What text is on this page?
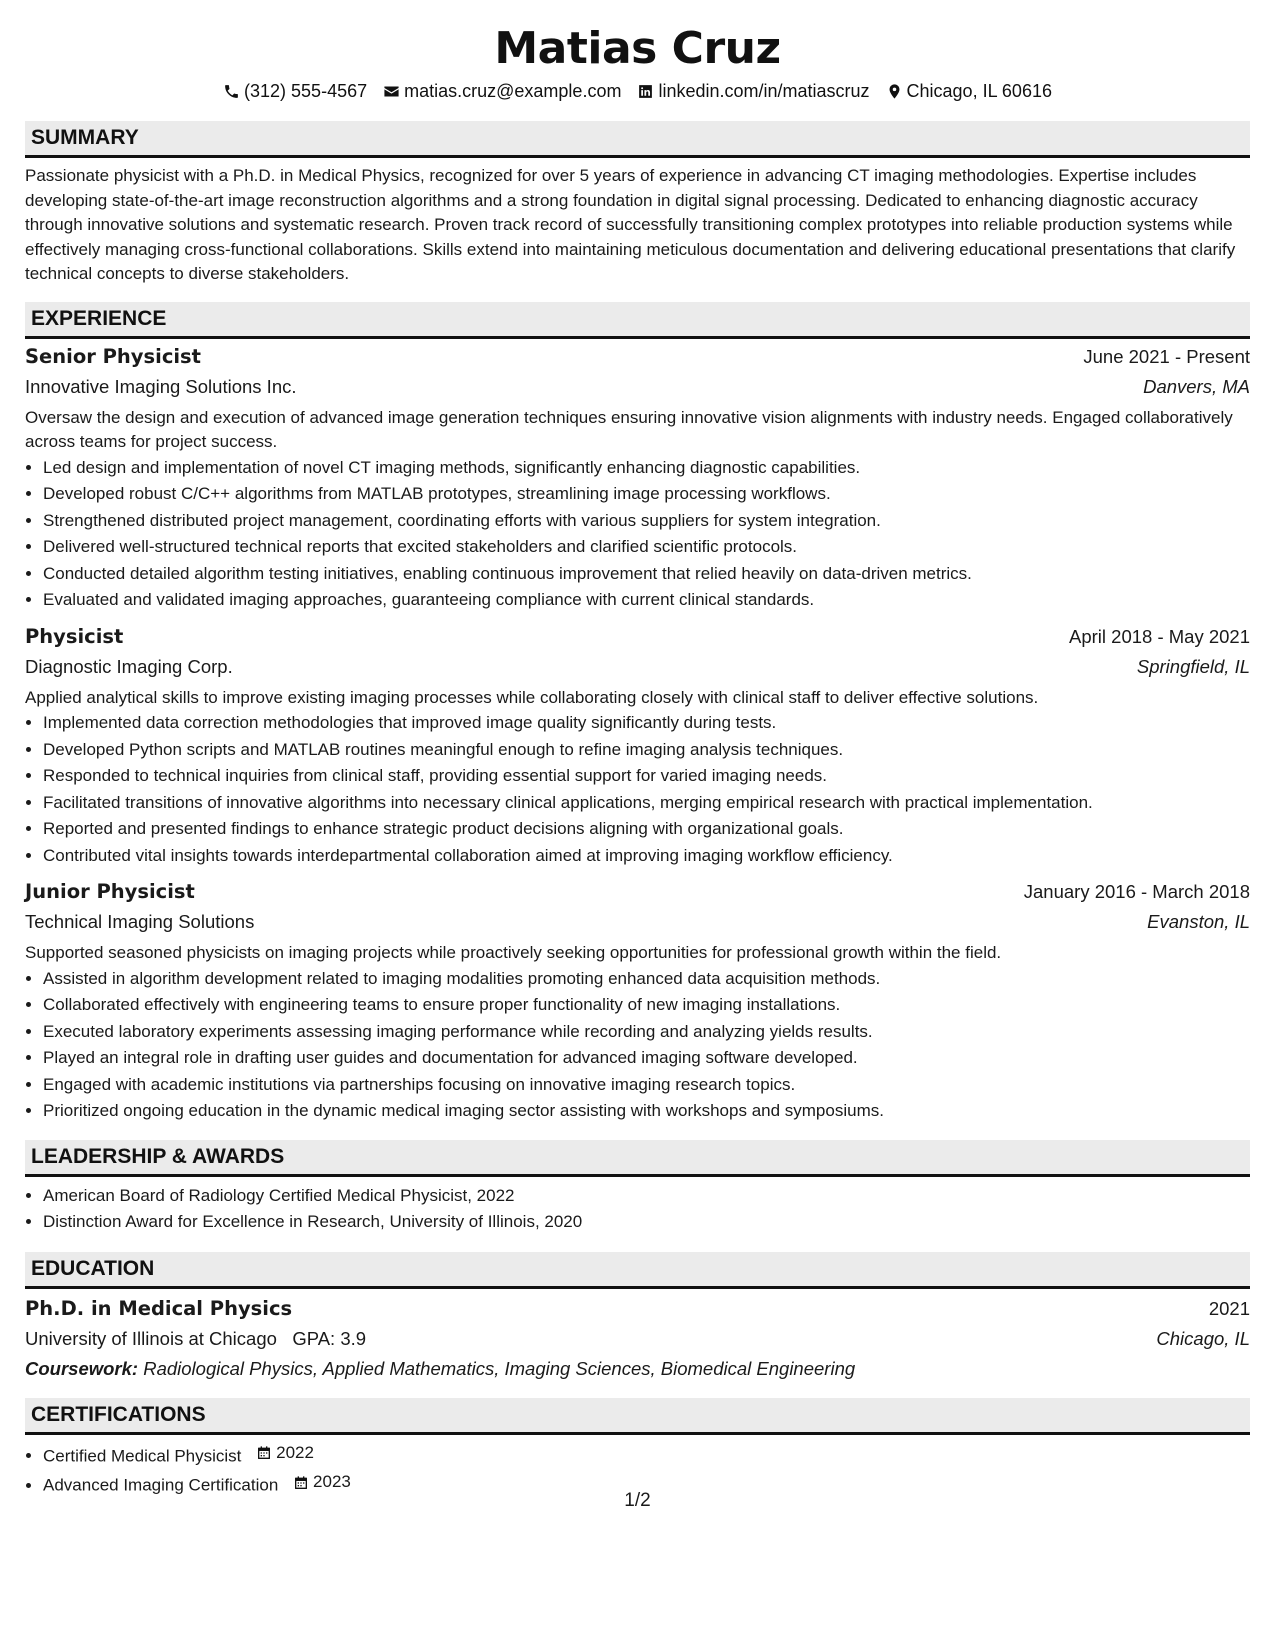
Matias Cruz
(312) 555-4567 matias.cruz@example.com linkedin.com/in/matiascruz Chicago, IL 60616
SUMMARY

Passionate physicist with a Ph.D. in Medical Physics, recognized for over 5 years of experience in advancing CT imaging methodologies. Expertise includes developing state-of-the-art image reconstruction algorithms and a strong foundation in digital signal processing. Dedicated to enhancing diagnostic accuracy through innovative solutions and systematic research. Proven track record of successfully transitioning complex prototypes into reliable production systems while effectively managing cross-functional collaborations. Skills extend into maintaining meticulous documentation and delivering educational presentations that clarify technical concepts to diverse stakeholders.

EXPERIENCE
Senior Physicist	June 2021 - Present
Innovative Imaging Solutions Inc.	Danvers, MA

Oversaw the design and execution of advanced image generation techniques ensuring innovative vision alignments with industry needs. Engaged collaboratively across teams for project success.

• Led design and implementation of novel CT imaging methods, significantly enhancing diagnostic capabilities.
• Developed robust C/C++ algorithms from MATLAB prototypes, streamlining image processing workflows.
• Strengthened distributed project management, coordinating efforts with various suppliers for system integration.
• Delivered well-structured technical reports that excited stakeholders and clarified scientific protocols.
• Conducted detailed algorithm testing initiatives, enabling continuous improvement that relied heavily on data-driven metrics.
• Evaluated and validated imaging approaches, guaranteeing compliance with current clinical standards.
Physicist	April 2018 - May 2021
Diagnostic Imaging Corp.	Springfield, IL

Applied analytical skills to improve existing imaging processes while collaborating closely with clinical staff to deliver effective solutions.

• Implemented data correction methodologies that improved image quality significantly during tests.
• Developed Python scripts and MATLAB routines meaningful enough to refine imaging analysis techniques.
• Responded to technical inquiries from clinical staff, providing essential support for varied imaging needs.
• Facilitated transitions of innovative algorithms into necessary clinical applications, merging empirical research with practical implementation.
• Reported and presented findings to enhance strategic product decisions aligning with organizational goals.
• Contributed vital insights towards interdepartmental collaboration aimed at improving imaging workflow efficiency.
Junior Physicist	January 2016 - March 2018
Technical Imaging Solutions	Evanston, IL

Supported seasoned physicists on imaging projects while proactively seeking opportunities for professional growth within the field.

• Assisted in algorithm development related to imaging modalities promoting enhanced data acquisition methods.
• Collaborated effectively with engineering teams to ensure proper functionality of new imaging installations.
• Executed laboratory experiments assessing imaging performance while recording and analyzing yields results.
• Played an integral role in drafting user guides and documentation for advanced imaging software developed.
• Engaged with academic institutions via partnerships focusing on innovative imaging research topics.
• Prioritized ongoing education in the dynamic medical imaging sector assisting with workshops and symposiums.
LEADERSHIP & AWARDS
• American Board of Radiology Certified Medical Physicist, 2022
• Distinction Award for Excellence in Research, University of Illinois, 2020
EDUCATION
Ph.D. in Medical Physics	2021
University of Illinois at Chicago GPA: 3.9	Chicago, IL
Coursework: Radiological Physics, Applied Mathematics, Imaging Sciences, Biomedical Engineering
CERTIFICATIONS
• Certified Medical Physicist 2022
• Advanced Imaging Certification 2023
1/2
